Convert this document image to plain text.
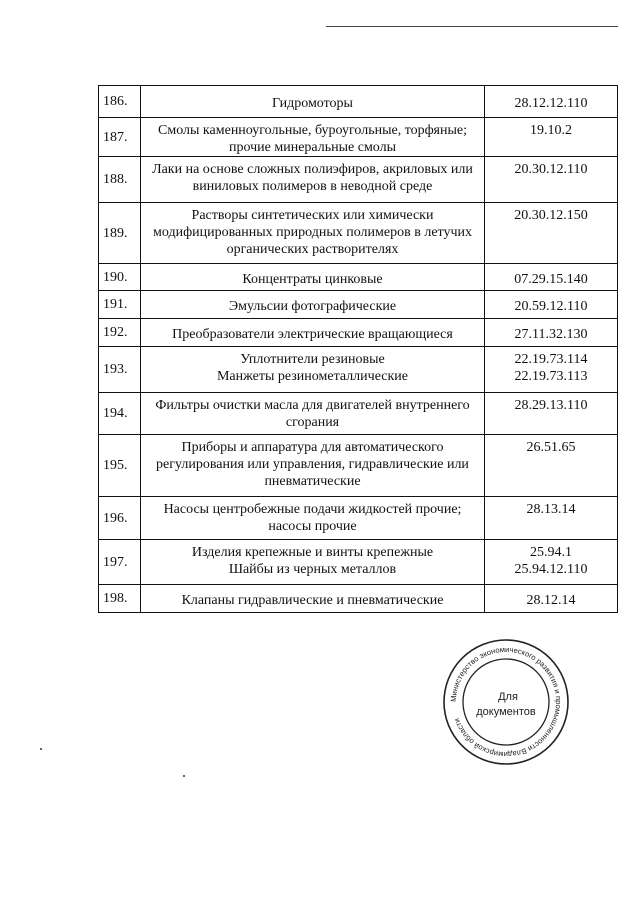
186.	Гидромоторы	28.12.12.110

187.	Смолы каменноугольные, буроугольные, торфяные;
прочие минеральные смолы	19.10.2

188.	Лаки на основе сложных полиэфиров, акриловых или
виниловых полимеров в неводной среде	20.30.12.110

189.	Растворы синтетических или химически
модифицированных природных полимеров в летучих
органических растворителях	20.30.12.150

190.	Концентраты цинковые	07.29.15.140

191.	Эмульсии фотографические	20.59.12.110

192.	Преобразователи электрические вращающиеся	27.11.32.130

193.	Уплотнители резиновые
Манжеты резинометаллические	22.19.73.114
22.19.73.113

194.	Фильтры очистки масла для двигателей внутреннего
сгорания	28.29.13.110

195.	Приборы и аппаратура для автоматического
регулирования или управления, гидравлические или
пневматические	26.51.65

196.	Насосы центробежные подачи жидкостей прочие;
насосы прочие	28.13.14

197.	Изделия крепежные и винты крепежные
Шайбы из черных металлов	25.94.1
25.94.12.110

198.	Клапаны гидравлические и пневматические	28.12.14
Министерство экономического развития и промышленности Владимирской области
Для
документов
